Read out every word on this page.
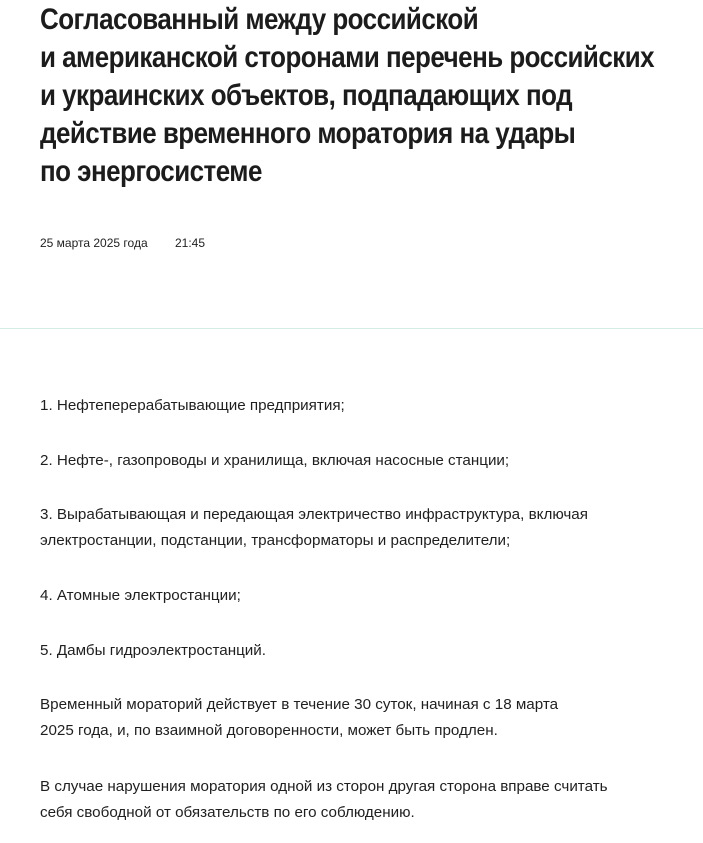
Согласованный между российской
и американской сторонами перечень российских
и украинских объектов, подпадающих под
действие временного моратория на удары
по энергосистеме
25 марта 2025 года 21:45

1. Нефтеперерабатывающие предприятия;

2. Нефте-, газопроводы и хранилища, включая насосные станции;

3. Вырабатывающая и передающая электричество инфраструктура, включая
электростанции, подстанции, трансформаторы и распределители;

4. Атомные электростанции;

5. Дамбы гидроэлектростанций.

Временный мораторий действует в течение 30 суток, начиная с 18 марта
2025 года, и, по взаимной договоренности, может быть продлен.

В случае нарушения моратория одной из сторон другая сторона вправе считать
себя свободной от обязательств по его соблюдению.
